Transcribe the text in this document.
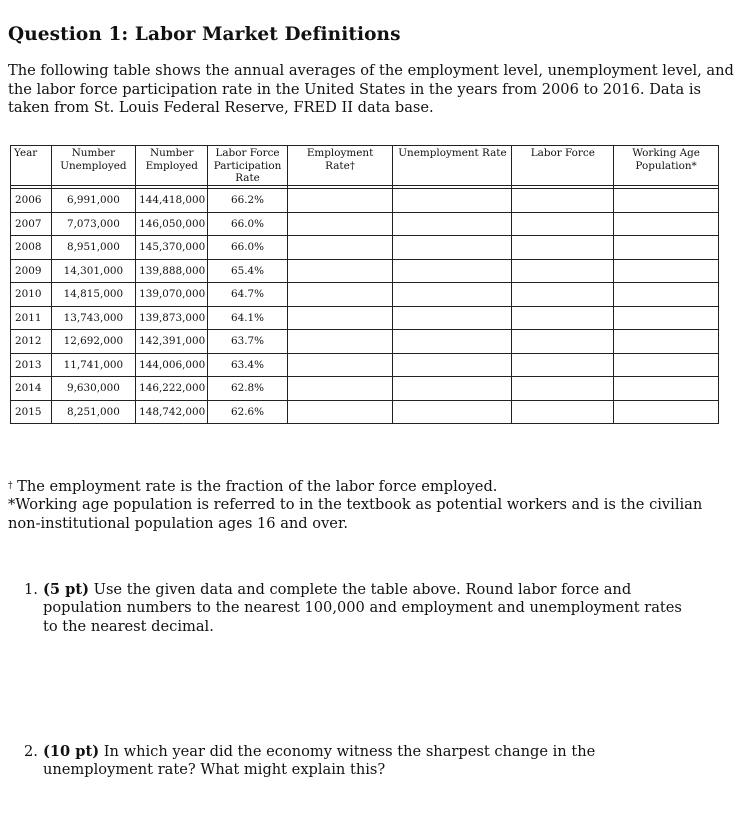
Question 1: Labor Market Definitions
The following table shows the annual averages of the employment level, unemployment level, and the labor force participation rate in the United States in the years from 2006 to 2016. Data is taken from St. Louis Federal Reserve, FRED II data base.
Year	Number Unemployed	Number Employed	Labor Force Participation Rate	Employment Rate†	Unemployment Rate	Labor Force	Working Age Population*

2006	6,991,000	144,418,000	66.2%				
2007	7,073,000	146,050,000	66.0%				
2008	8,951,000	145,370,000	66.0%				
2009	14,301,000	139,888,000	65.4%				
2010	14,815,000	139,070,000	64.7%				
2011	13,743,000	139,873,000	64.1%				
2012	12,692,000	142,391,000	63.7%				
2013	11,741,000	144,006,000	63.4%				
2014	9,630,000	146,222,000	62.8%				
2015	8,251,000	148,742,000	62.6%				
† The employment rate is the fraction of the labor force employed.
*Working age population is referred to in the textbook as potential workers and is the civilian non-institutional population ages 16 and over.
1. (5 pt) Use the given data and complete the table above. Round labor force and population numbers to the nearest 100,000 and employment and unemployment rates to the nearest decimal.
2. (10 pt) In which year did the economy witness the sharpest change in the unemployment rate? What might explain this?
